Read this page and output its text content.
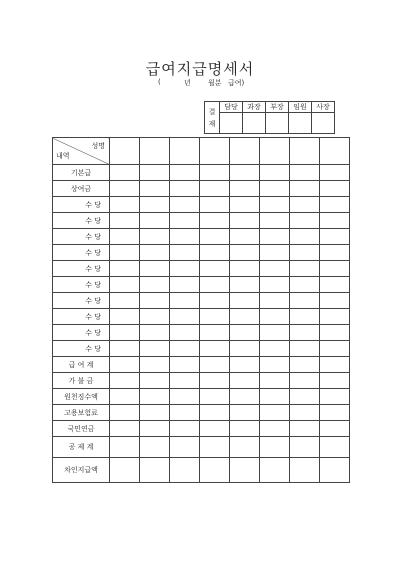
급여지급명세서
(	년 월분 급여)
결
재	담당	과장	부장	임원	사장

성명
내역								

기본급								
상여금								
수 당								
수 당								
수 당								
수 당								
수 당								
수 당								
수 당								
수 당								
수 당								
수 당								
급 여 계								
가 불 금								
원천징수액								
고용보험료								
국민연금								
공 제 계								
차인지급액								
